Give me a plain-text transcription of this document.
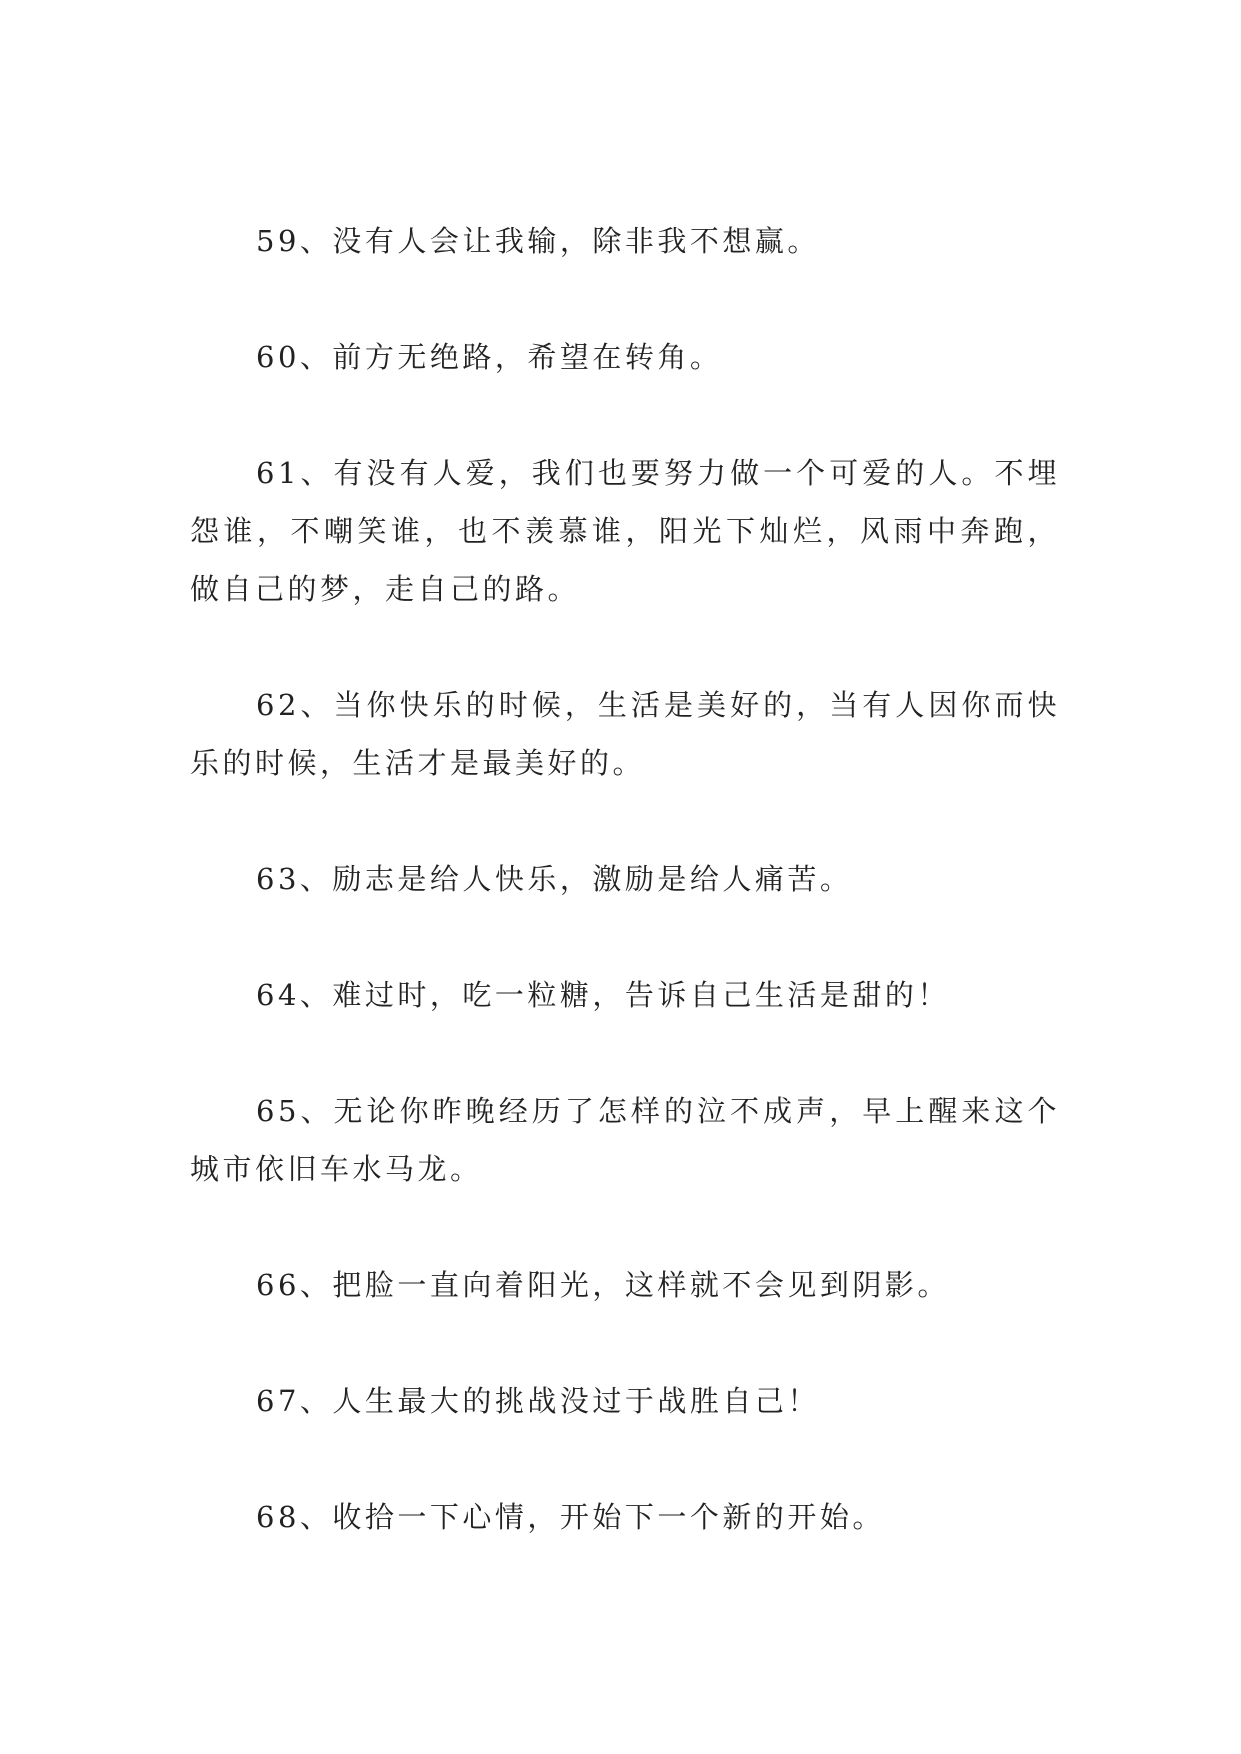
59、没有人会让我输，除非我不想赢。

60、前方无绝路，希望在转角。

61、有没有人爱，我们也要努力做一个可爱的人。不埋怨谁，不嘲笑谁，也不羡慕谁，阳光下灿烂，风雨中奔跑，做自己的梦，走自己的路。

62、当你快乐的时候，生活是美好的，当有人因你而快乐的时候，生活才是最美好的。

63、励志是给人快乐，激励是给人痛苦。

64、难过时，吃一粒糖，告诉自己生活是甜的！

65、无论你昨晚经历了怎样的泣不成声，早上醒来这个城市依旧车水马龙。

66、把脸一直向着阳光，这样就不会见到阴影。

67、人生最大的挑战没过于战胜自己！

68、收拾一下心情，开始下一个新的开始。
